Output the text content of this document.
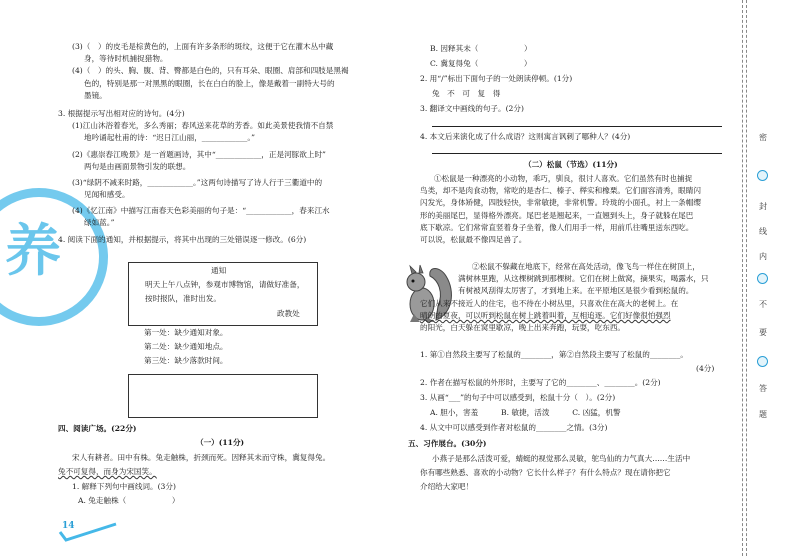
养
(3)（　）的皮毛是棕黄色的，上面有许多条形的斑纹，这便于它在灌木丛中藏
身，等待时机捕捉猎物。
(4)（　）的头、胸、腹、背、臀都是白色的，只有耳朵、眼圈、肩部和四肢是黑褐
色的，特别是那一对黑黑的眼圈，长在白白的脸上，像是戴着一副特大号的
墨镜。
3. 根据提示写出相对应的诗句。(4分)
(1)江山沐浴着春光，多么秀丽；春风送来花草的芳香。如此美景使我情不自禁
地吟诵起杜甫的诗：“迟日江山丽，____________。”
(2)《惠崇春江晚景》是一首题画诗，其中“____________，正是河豚欲上时”
两句是由画面景物引发的联想。
(3)“绿阴不减来时路，____________。”这两句诗描写了诗人行于三衢道中的
见闻和感受。
(4)《忆江南》中描写江南春天色彩美丽的句子是：“____________，春来江水
绿如蓝。”
4. 阅读下面的通知，并根据提示，将其中出现的三处错误逐一修改。(6分)
通知
明天上午八点钟，参观市博物馆，请做好准备，
按时报队，准时出发。
政教处
第一处：缺少通知对象。
第二处：缺少通知地点。
第三处：缺少落款时间。
四、阅读广场。(22分)
（一）(11分)
宋人有耕者。田中有株。兔走触株，折颈而死。因释其未而守株，冀复得兔。
兔不可复得，而身为宋国笑。
1. 解释下列句中画线词。(3分)
A. 兔走触株（　　　　　　）
14
B. 因释其未（　　　　　　）
C. 冀复得兔（　　　　　　）
2. 用“/”标出下面句子的一处朗读停顿。(1分)
兔　不　可　复　得
3. 翻译文中画线的句子。(2分)
4. 本文后来演化成了什么成语？这则寓言讽刺了哪种人？(4分)
（二）松鼠（节选）(11分)
①松鼠是一种漂亮的小动物，乖巧，驯良，很讨人喜欢。它们虽然有时也捕捉
鸟类，却不是肉食动物，常吃的是杏仁、榛子、榉实和橡栗。它们面容清秀，眼睛闪
闪发光，身体矫健，四肢轻快，非常敏捷，非常机警。玲珑的小面孔，衬上一条帽缨
形的美丽尾巴，显得格外漂亮。尾巴老是翘起来，一直翘到头上，身子就躲在尾巴
底下歇凉。它们常常直竖着身子坐着，像人们用手一样，用前爪往嘴里送东西吃。
可以说，松鼠最不像四足兽了。
②松鼠不躲藏在地底下，经常在高处活动，像飞鸟一样住在树顶上，
满树林里跑，从这棵树跳到那棵树。它们在树上做窝，摘果实，喝露水，只
有树被风刮得太厉害了，才到地上来。在平原地区是很少看到松鼠的。
它们从来不接近人的住宅，也不待在小树丛里，只喜欢住在高大的老树上。在
晴朗的夏夜，可以听到松鼠在树上跳着叫着，互相追逐。它们好像很怕强烈
的阳光，白天躲在窝里歇凉，晚上出来奔跑，玩耍，吃东西。
1. 第①自然段主要写了松鼠的________，第②自然段主要写了松鼠的________。
(4分)
2. 作者在描写松鼠的外形时，主要写了它的________、________。(2分)
3. 从画“___”的句子中可以感受到，松鼠十分（　）。(2分)
A. 胆小，害羞　　　B. 敏捷，活泼　　　C. 凶猛，机警
4. 从文中可以感受到作者对松鼠的________之情。(3分)
五、习作展台。(30分)
小燕子是那么活泼可爱，蜻蜓的视觉那么灵敏，鸵鸟仙的力气真大……生活中
你有哪些熟悉、喜欢的小动物？它长什么样子？有什么特点？现在请你把它
介绍给大家吧！
密
封
线
内
不
要
答
题
